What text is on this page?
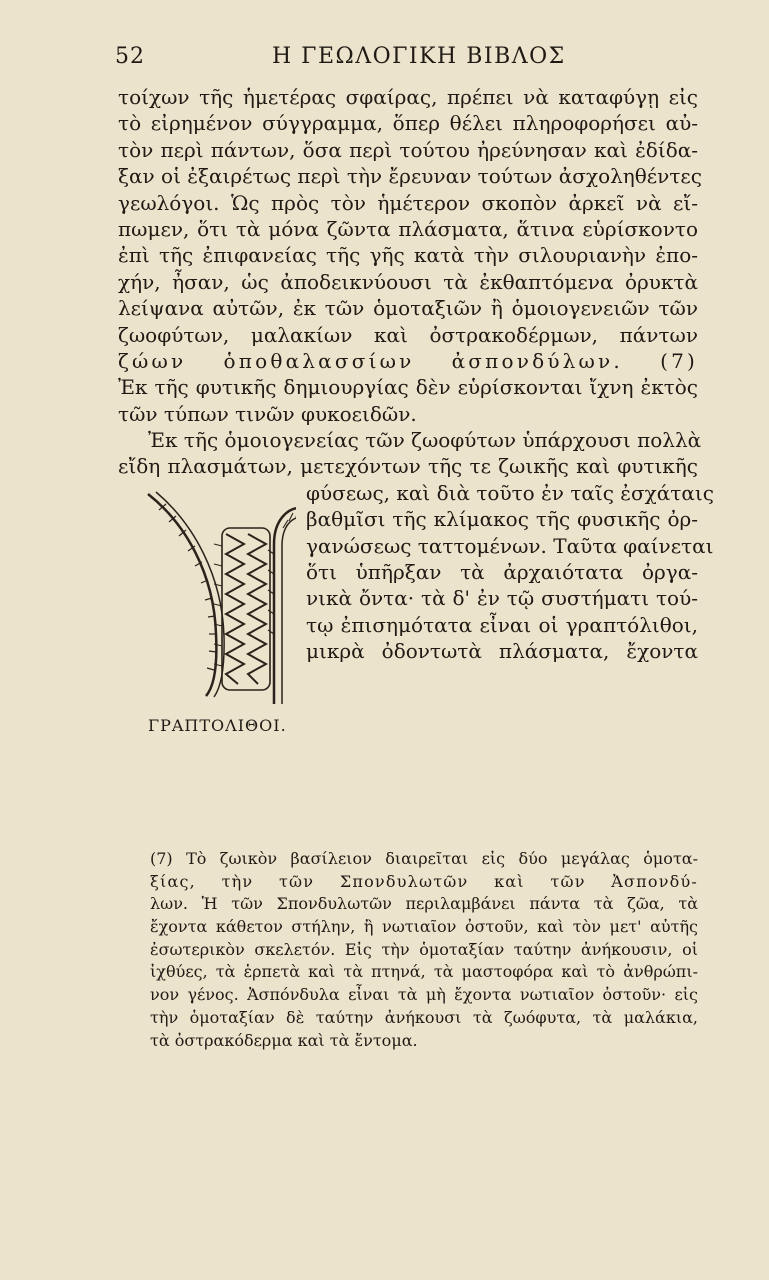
52	Η ΓΕΩΛΟΓΙΚΗ ΒΙΒΛΟΣ
τοίχων τῆς ἡμετέρας σφαίρας, πρέπει νὰ καταφύγῃ εἰς
τὸ εἰρημένον σύγγραμμα, ὅπερ θέλει πληροφορήσει αὐ-
τὸν περὶ πάντων, ὅσα περὶ τούτου ἠρεύνησαν καὶ ἐδίδα-
ξαν οἱ ἐξαιρέτως περὶ τὴν ἔρευναν τούτων ἀσχοληθέντες
γεωλόγοι. Ὡς πρὸς τὸν ἡμέτερον σκοπὸν ἀρκεῖ νὰ εἴ-
πωμεν, ὅτι τὰ μόνα ζῶντα πλάσματα, ἅτινα εὑρίσκοντο
ἐπὶ τῆς ἐπιφανείας τῆς γῆς κατὰ τὴν σιλουριανὴν ἐπο-
χήν, ἦσαν, ὡς ἀποδεικνύουσι τὰ ἐκθαπτόμενα ὀρυκτὰ
λείψανα αὐτῶν, ἐκ τῶν ὁμοταξιῶν ἢ ὁμοιογενειῶν τῶν
ζωοφύτων, μαλακίων καὶ ὀστρακοδέρμων, πάντων
ζώων ὁποθαλασσίων ἀσπονδύλων. (7)
Ἐκ τῆς φυτικῆς δημιουργίας δὲν εὑρίσκονται ἴχνη ἐκτὸς
τῶν τύπων τινῶν φυκοειδῶν.
Ἐκ τῆς ὁμοιογενείας τῶν ζωοφύτων ὑπάρχουσι πολλὰ
εἴδη πλασμάτων, μετεχόντων τῆς τε ζωικῆς καὶ φυτικῆς
ΓΡΑΠΤΟΛΙΘΟΙ.
φύσεως, καὶ διὰ τοῦτο ἐν ταῖς ἐσχάταις
βαθμῖσι τῆς κλίμακος τῆς φυσικῆς ὀρ-
γανώσεως ταττομένων. Ταῦτα φαίνεται
ὅτι ὑπῆρξαν τὰ ἀρχαιότατα ὀργα-
νικὰ ὄντα· τὰ δ' ἐν τῷ συστήματι τού-
τῳ ἐπισημότατα εἶναι οἱ γραπτόλιθοι,
μικρὰ ὀδοντωτὰ πλάσματα, ἔχοντα
(7) Τὸ ζωικὸν βασίλειον διαιρεῖται εἰς δύο μεγάλας ὁμοτα-
ξίας, τὴν τῶν Σπονδυλωτῶν καὶ τῶν Ἀσπονδύ-
λων. Ἡ τῶν Σπονδυλωτῶν περιλαμβάνει πάντα τὰ ζῶα, τὰ
ἔχοντα κάθετον στήλην, ἢ νωτιαῖον ὀστοῦν, καὶ τὸν μετ' αὐτῆς
ἐσωτερικὸν σκελετόν. Εἰς τὴν ὁμοταξίαν ταύτην ἀνήκουσιν, οἱ
ἰχθύες, τὰ ἑρπετὰ καὶ τὰ πτηνά, τὰ μαστοφόρα καὶ τὸ ἀνθρώπι-
νον γένος. Ἀσπόνδυλα εἶναι τὰ μὴ ἔχοντα νωτιαῖον ὀστοῦν· εἰς
τὴν ὁμοταξίαν δὲ ταύτην ἀνήκουσι τὰ ζωόφυτα, τὰ μαλάκια,
τὰ ὀστρακόδερμα καὶ τὰ ἔντομα.
